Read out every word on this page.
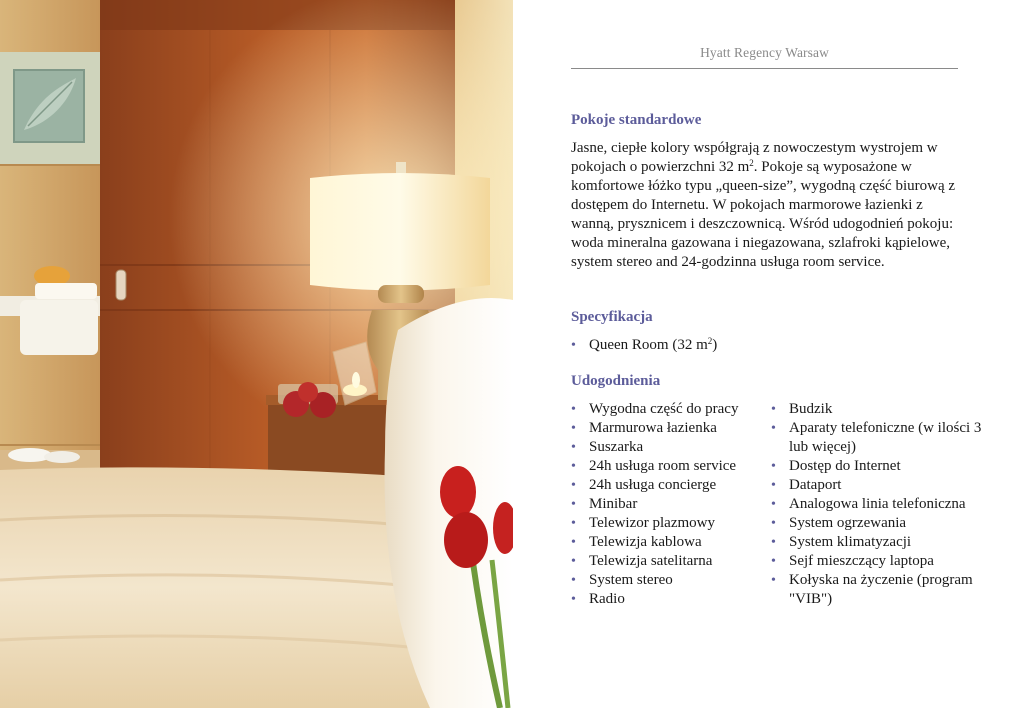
Hyatt Regency Warsaw
Pokoje standardowe

Jasne, ciepłe kolory współgrają z nowoczestym wystrojem w pokojach o powierzchni 32 $m^2$. Pokoje są wyposażone w komfortowe łóżko typu „queen-size”, wygodną część biurową z dostępem do Internetu. W pokojach marmorowe łazienki z wanną, prysznicem i deszczownicą. Wśród udogodnień pokoju: woda mineralna gazowana i niegazowana, szlafroki kąpielowe, system stereo and 24-godzinna usługa room service.

Specyfikacja
• Queen Room (32 $m^2$)
Udogodnienia
• Wygodna część do pracy
• Marmurowa łazienka
• Suszarka
• 24h usługa room service
• 24h usługa concierge
• Minibar
• Telewizor plazmowy
• Telewizja kablowa
• Telewizja satelitarna
• System stereo
• Radio
• Budzik
• Aparaty telefoniczne (w ilości 3 lub więcej)
• Dostęp do Internet
• Dataport
• Analogowa linia telefoniczna
• System ogrzewania
• System klimatyzacji
• Sejf mieszczący laptopa
• Kołyska na życzenie (program "VIB")
